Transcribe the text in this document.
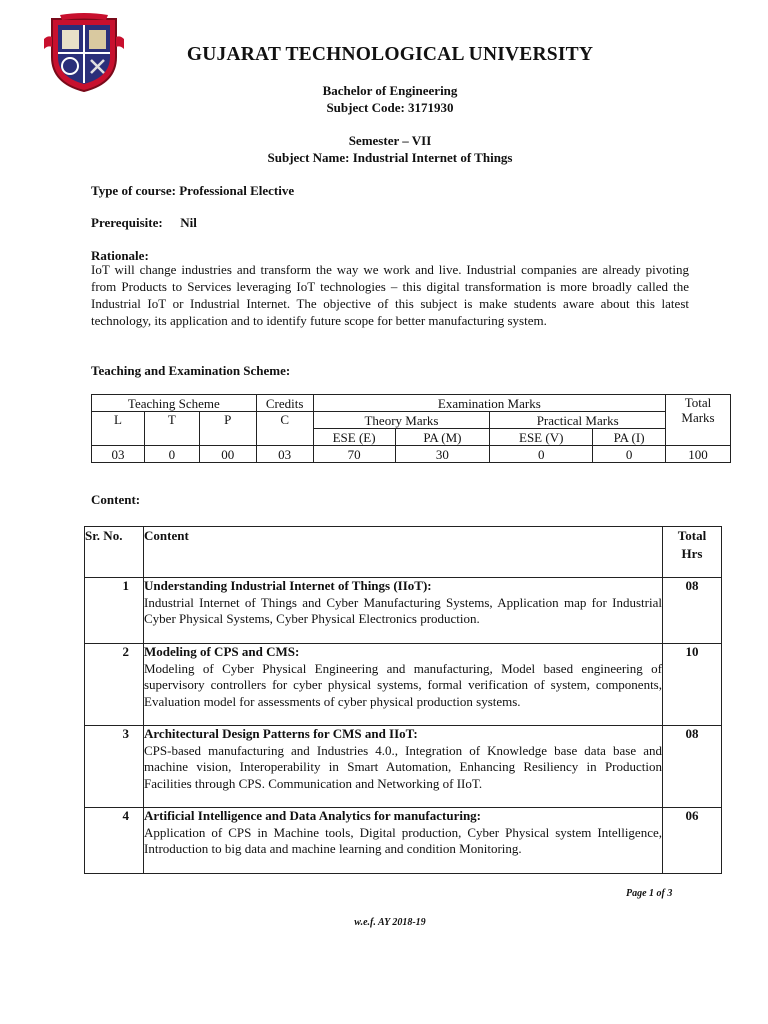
GUJARAT TECHNOLOGICAL UNIVERSITY
Bachelor of Engineering
Subject Code: 3171930
Semester – VII
Subject Name: Industrial Internet of Things
Type of course: Professional Elective
Prerequisite: Nil
Rationale:
IoT will change industries and transform the way we work and live. Industrial companies are already pivoting from Products to Services leveraging IoT technologies – this digital transformation is more broadly called the Industrial IoT or Industrial Internet. The objective of this subject is make students aware about this latest technology, its application and to identify future scope for better manufacturing system.
Teaching and Examination Scheme:
Teaching Scheme			Credits	Examination Marks				Total
Marks

L	T	P	C	Theory Marks		Practical Marks		
				ESE (E)	PA (M)	ESE (V)	PA (I)	
03	0	00	03	70	30	0	0	100
Content:
Sr. No.	Content	Total
Hrs

1	Understanding Industrial Internet of Things (IIoT):
Industrial Internet of Things and Cyber Manufacturing Systems, Application map for Industrial Cyber Physical Systems, Cyber Physical Electronics production.	08
2	Modeling of CPS and CMS:
Modeling of Cyber Physical Engineering and manufacturing, Model based engineering of supervisory controllers for cyber physical systems, formal verification of system, components, Evaluation model for assessments of cyber physical production systems.	10
3	Architectural Design Patterns for CMS and IIoT:
CPS-based manufacturing and Industries 4.0., Integration of Knowledge base data base and machine vision, Interoperability in Smart Automation, Enhancing Resiliency in Production Facilities through CPS. Communication and Networking of IIoT.	08
4	Artificial Intelligence and Data Analytics for manufacturing:
Application of CPS in Machine tools, Digital production, Cyber Physical system Intelligence, Introduction to big data and machine learning and condition Monitoring.	06
Page 1 of 3
w.e.f. AY 2018-19
